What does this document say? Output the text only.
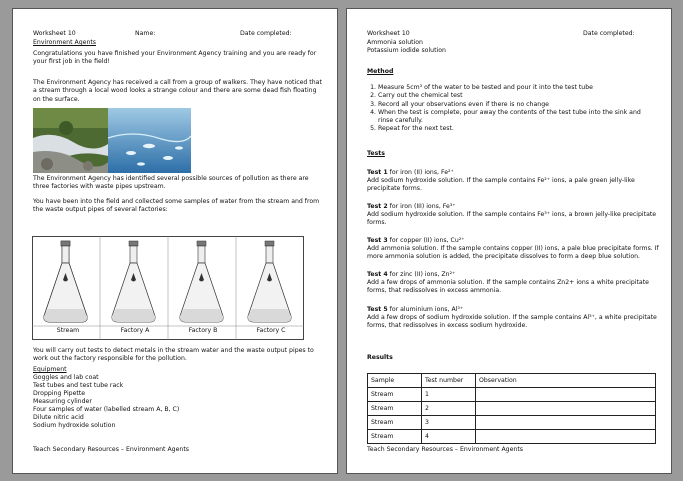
Worksheet 10	Name:	Date completed:
Environment Agents
Congratulations you have finished your Environment Agency training and you are ready for your first job in the field!
The Environment Agency has received a call from a group of walkers. They have noticed that a stream through a local wood looks a strange colour and there are some dead fish floating on the surface.
The Environment Agency has identified several possible sources of pollution as there are three factories with waste pipes upstream.
You have been into the field and collected some samples of water from the stream and from the waste output pipes of several factories:
Stream	Factory A	Factory B	Factory C
You will carry out tests to detect metals in the stream water and the waste output pipes to work out the factory responsible for the pollution.
Equipment
Goggles and lab coat
Test tubes and test tube rack
Dropping Pipette
Measuring cylinder
Four samples of water (labelled stream A, B, C)
Dilute nitric acid
Sodium hydroxide solution
Teach Secondary Resources – Environment Agents
Worksheet 10	Date completed:
Ammonia solution
Potassium iodide solution
Method
1. Measure 5cm³ of the water to be tested and pour it into the test tube
2. Carry out the chemical test
3. Record all your observations even if there is no change
4. When the test is complete, pour away the contents of the test tube into the sink and rinse carefully.
5. Repeat for the next test.
Tests
Test 1 for iron (II) ions, Fe²⁺
Add sodium hydroxide solution. If the sample contains Fe²⁺ ions, a pale green jelly-like precipitate forms.
Test 2 for iron (III) ions, Fe³⁺
Add sodium hydroxide solution. If the sample contains Fe³⁺ ions, a brown jelly-like precipitate forms.
Test 3 for copper (II) ions, Cu²⁺
Add ammonia solution. If the sample contains copper (II) ions, a pale blue precipitate forms. If more ammonia solution is added, the precipitate dissolves to form a deep blue solution.
Test 4 for zinc (II) ions, Zn²⁺
Add a few drops of ammonia solution. If the sample contains Zn2+ ions a white precipitate forms, that redissolves in excess ammonia.
Test 5 for aluminium ions, Al³⁺
Add a few drops of sodium hydroxide solution. If the sample contains Al³⁺, a white precipitate forms, that redissolves in excess sodium hydroxide.
Results
Sample	Test number	Observation
Stream	1	
Stream	2	
Stream	3	
Stream	4	
Teach Secondary Resources – Environment Agents
